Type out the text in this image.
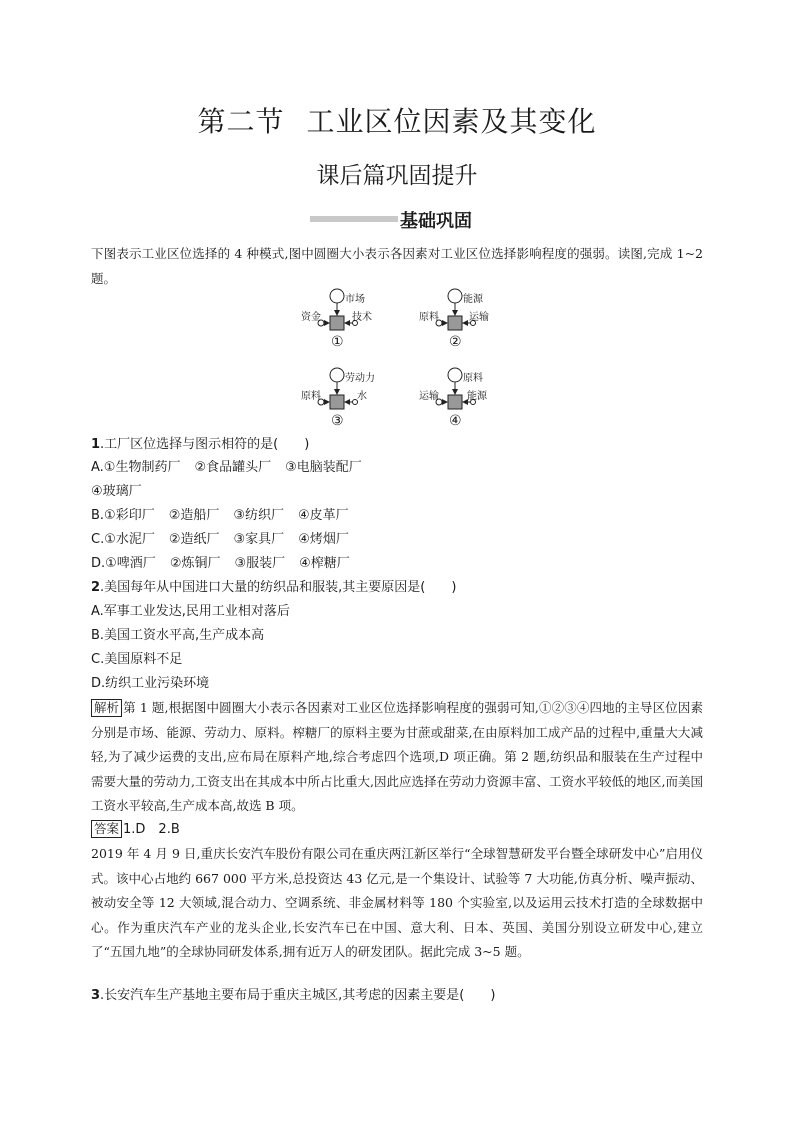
第二节 工业区位因素及其变化
课后篇巩固提升
基础巩固
下图表示工业区位选择的 4 种模式,图中圆圈大小表示各因素对工业区位选择影响程度的强弱。读图,完成 1~2 题。
市场
资金	技术
①
能源
原料	运输
②
劳动力
原料	水
③
原料
运输	能源
④
1.工厂区位选择与图示相符的是(　　)
A.①生物制药厂 ②食品罐头厂 ③电脑装配厂
④玻璃厂
B.①彩印厂 ②造船厂 ③纺织厂 ④皮革厂
C.①水泥厂 ②造纸厂 ③家具厂 ④烤烟厂
D.①啤酒厂 ②炼铜厂 ③服装厂 ④榨糖厂
2.美国每年从中国进口大量的纺织品和服装,其主要原因是(　　)
A.军事工业发达,民用工业相对落后
B.美国工资水平高,生产成本高
C.美国原料不足
D.纺织工业污染环境
解析 第 1 题,根据图中圆圈大小表示各因素对工业区位选择影响程度的强弱可知,①②③④四地的主导区位因素分别是市场、能源、劳动力、原料。榨糖厂的原料主要为甘蔗或甜菜,在由原料加工成产品的过程中,重量大大减轻,为了减少运费的支出,应布局在原料产地,综合考虑四个选项,D 项正确。第 2 题,纺织品和服装在生产过程中需要大量的劳动力,工资支出在其成本中所占比重大,因此应选择在劳动力资源丰富、工资水平较低的地区,而美国工资水平较高,生产成本高,故选 B 项。
答案 1.D　2.B
2019 年 4 月 9 日,重庆长安汽车股份有限公司在重庆两江新区举行“全球智慧研发平台暨全球研发中心”启用仪式。该中心占地约 667 000 平方米,总投资达 43 亿元,是一个集设计、试验等 7 大功能,仿真分析、噪声振动、被动安全等 12 大领域,混合动力、空调系统、非金属材料等 180 个实验室,以及运用云技术打造的全球数据中心。作为重庆汽车产业的龙头企业,长安汽车已在中国、意大利、日本、英国、美国分别设立研发中心,建立了“五国九地”的全球协同研发体系,拥有近万人的研发团队。据此完成 3~5 题。
3.长安汽车生产基地主要布局于重庆主城区,其考虑的因素主要是(　　)
